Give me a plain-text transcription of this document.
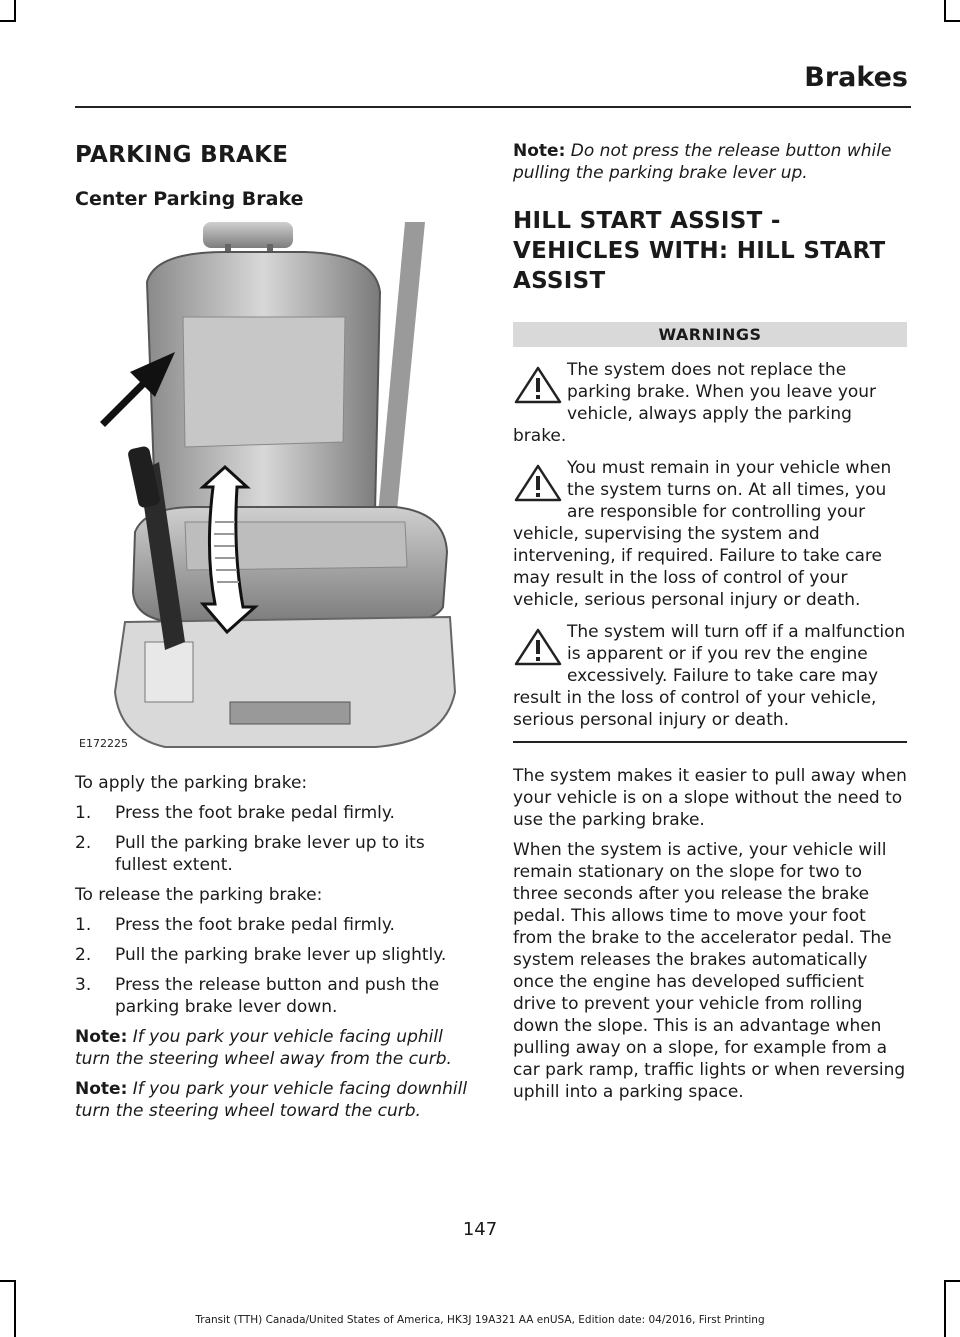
Brakes
PARKING BRAKE
Center Parking Brake
E172225

To apply the parking brake:

1. Press the foot brake pedal firmly.
2. Pull the parking brake lever up to its fullest extent.

To release the parking brake:

1. Press the foot brake pedal firmly.
2. Pull the parking brake lever up slightly.
3. Press the release button and push the parking brake lever down.

Note: If you park your vehicle facing uphill turn the steering wheel away from the curb.

Note: If you park your vehicle facing downhill turn the steering wheel toward the curb.

Note: Do not press the release button while pulling the parking brake lever up.

HILL START ASSIST - VEHICLES WITH: HILL START ASSIST
WARNINGS

The system does not replace the parking brake. When you leave your vehicle, always apply the parking brake.

You must remain in your vehicle when the system turns on. At all times, you are responsible for controlling your vehicle, supervising the system and intervening, if required. Failure to take care may result in the loss of control of your vehicle, serious personal injury or death.

The system will turn off if a malfunction is apparent or if you rev the engine excessively. Failure to take care may result in the loss of control of your vehicle, serious personal injury or death.

The system makes it easier to pull away when your vehicle is on a slope without the need to use the parking brake.

When the system is active, your vehicle will remain stationary on the slope for two to three seconds after you release the brake pedal. This allows time to move your foot from the brake to the accelerator pedal. The system releases the brakes automatically once the engine has developed sufficient drive to prevent your vehicle from rolling down the slope. This is an advantage when pulling away on a slope, for example from a car park ramp, traffic lights or when reversing uphill into a parking space.

147
Transit (TTH) Canada/United States of America, HK3J 19A321 AA enUSA, Edition date: 04/2016, First Printing
